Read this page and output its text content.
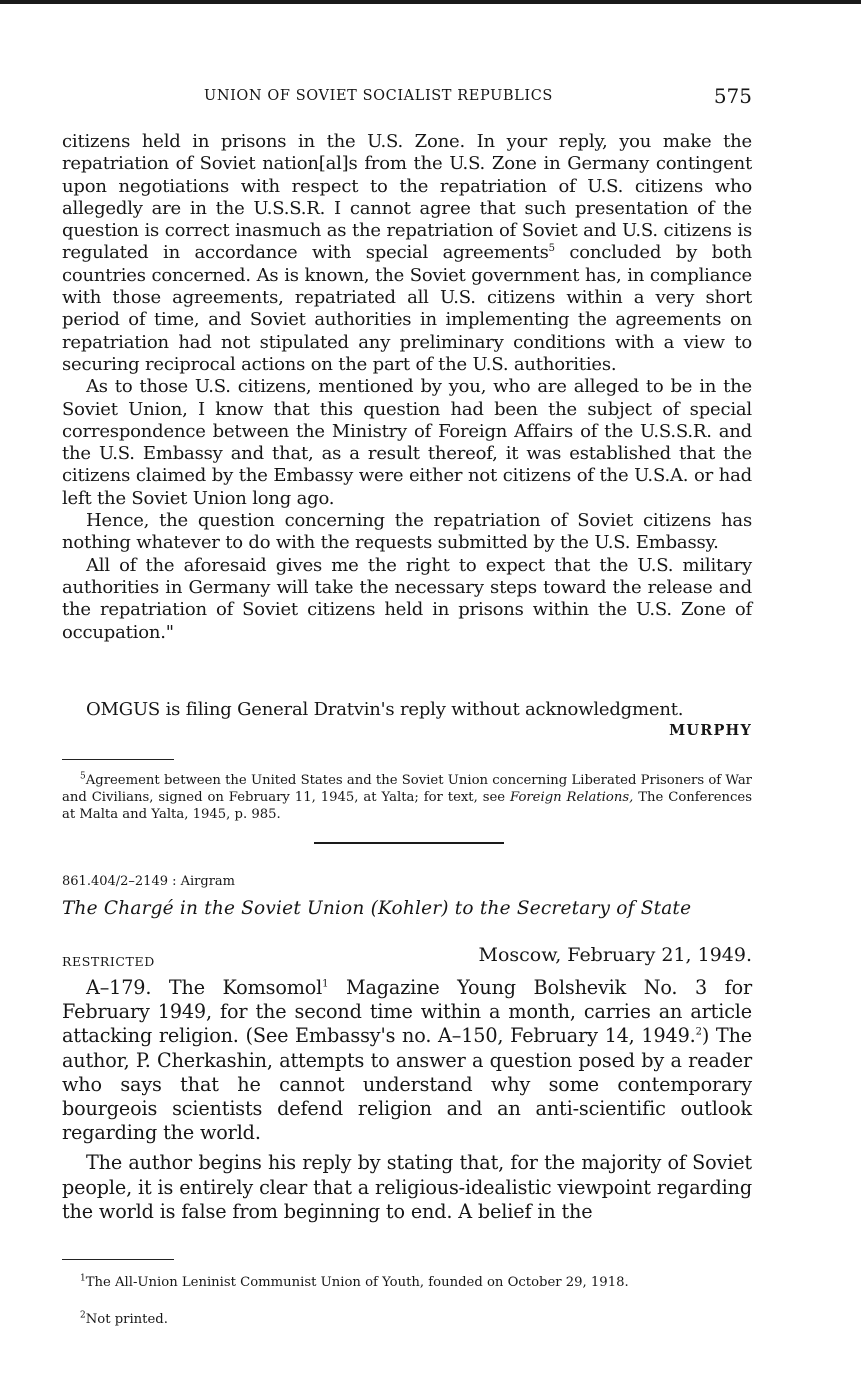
UNION OF SOVIET SOCIALIST REPUBLICS	575

citizens held in prisons in the U.S. Zone. In your reply, you make the repatriation of Soviet nation[al]s from the U.S. Zone in Germany contingent upon negotiations with respect to the repatriation of U.S. citizens who allegedly are in the U.S.S.R. I cannot agree that such presentation of the question is correct inasmuch as the repatriation of Soviet and U.S. citizens is regulated in accordance with special agreements$^5$ concluded by both countries concerned. As is known, the Soviet government has, in compliance with those agreements, repatriated all U.S. citizens within a very short period of time, and Soviet authorities in implementing the agreements on repatriation had not stipulated any preliminary conditions with a view to securing reciprocal actions on the part of the U.S. authorities.

As to those U.S. citizens, mentioned by you, who are alleged to be in the Soviet Union, I know that this question had been the subject of special correspondence between the Ministry of Foreign Affairs of the U.S.S.R. and the U.S. Embassy and that, as a result thereof, it was established that the citizens claimed by the Embassy were either not citizens of the U.S.A. or had left the Soviet Union long ago.

Hence, the question concerning the repatriation of Soviet citizens has nothing whatever to do with the requests submitted by the U.S. Embassy.

All of the aforesaid gives me the right to expect that the U.S. military authorities in Germany will take the necessary steps toward the release and the repatriation of Soviet citizens held in prisons within the U.S. Zone of occupation."

OMGUS is filing General Dratvin's reply without acknowledgment.

MURPHY
$^5$Agreement between the United States and the Soviet Union concerning Liberated Prisoners of War and Civilians, signed on February 11, 1945, at Yalta; for text, see Foreign Relations, The Conferences at Malta and Yalta, 1945, p. 985.
861.404/2–2149 : Airgram
The Chargé in the Soviet Union (Kohler) to the Secretary of State
RESTRICTED	Moscow, February 21, 1949.

A–179. The Komsomol$^1$ Magazine Young Bolshevik No. 3 for February 1949, for the second time within a month, carries an article attacking religion. (See Embassy's no. A–150, February 14, 1949.$^2$) The author, P. Cherkashin, attempts to answer a question posed by a reader who says that he cannot understand why some contemporary bourgeois scientists defend religion and an anti-scientific outlook regarding the world.

The author begins his reply by stating that, for the majority of Soviet people, it is entirely clear that a religious-idealistic viewpoint regarding the world is false from beginning to end. A belief in the

$^1$The All-Union Leninist Communist Union of Youth, founded on October 29, 1918.
$^2$Not printed.
